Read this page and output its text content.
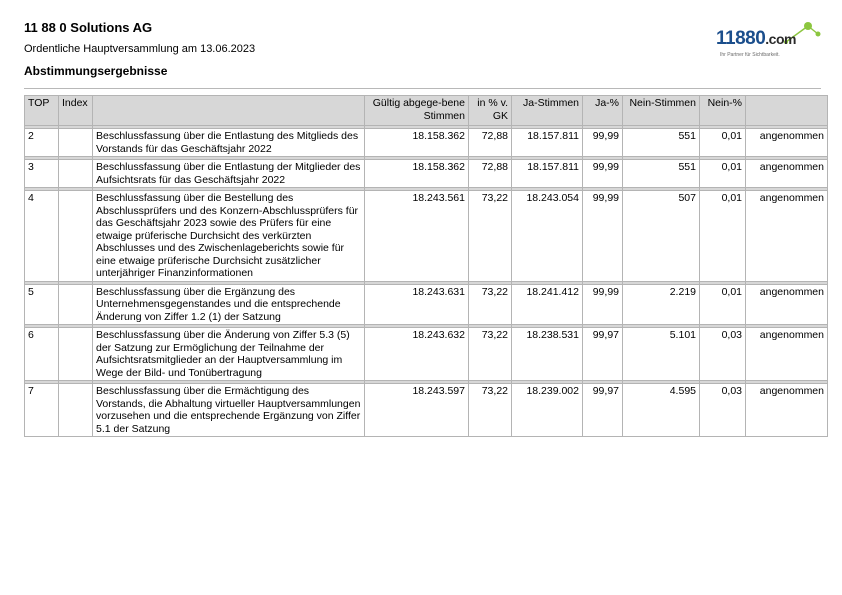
11 88 0 Solutions AG
Ordentliche Hauptversammlung am 13.06.2023
Abstimmungsergebnisse
11880.com
Ihr Partner für Sichtbarkeit.
TOP	Index		Gültig abgege-bene Stimmen	in % v. GK	Ja-Stimmen	Ja-%	Nein-Stimmen	Nein-%	

2		Beschlussfassung über die Entlastung des Mitglieds des Vorstands für das Geschäftsjahr 2022	18.158.362	72,88	18.157.811	99,99	551	0,01	angenommen

3		Beschlussfassung über die Entlastung der Mitglieder des Aufsichtsrats für das Geschäftsjahr 2022	18.158.362	72,88	18.157.811	99,99	551	0,01	angenommen

4		Beschlussfassung über die Bestellung des Abschlussprüfers und des Konzern-Abschlussprüfers für das Geschäftsjahr 2023 sowie des Prüfers für eine etwaige prüferische Durchsicht des verkürzten Abschlusses und des Zwischenlageberichts sowie für eine etwaige prüferische Durchsicht zusätzlicher unterjähriger Finanzinformationen	18.243.561	73,22	18.243.054	99,99	507	0,01	angenommen

5		Beschlussfassung über die Ergänzung des Unternehmensgegenstandes und die entsprechende Änderung von Ziffer 1.2 (1) der Satzung	18.243.631	73,22	18.241.412	99,99	2.219	0,01	angenommen

6		Beschlussfassung über die Änderung von Ziffer 5.3 (5) der Satzung zur Ermöglichung der Teilnahme der Aufsichtsratsmitglieder an der Hauptversammlung im Wege der Bild- und Tonübertragung	18.243.632	73,22	18.238.531	99,97	5.101	0,03	angenommen

7		Beschlussfassung über die Ermächtigung des Vorstands, die Abhaltung virtueller Hauptversammlungen vorzusehen und die entsprechende Ergänzung von Ziffer 5.1 der Satzung	18.243.597	73,22	18.239.002	99,97	4.595	0,03	angenommen
